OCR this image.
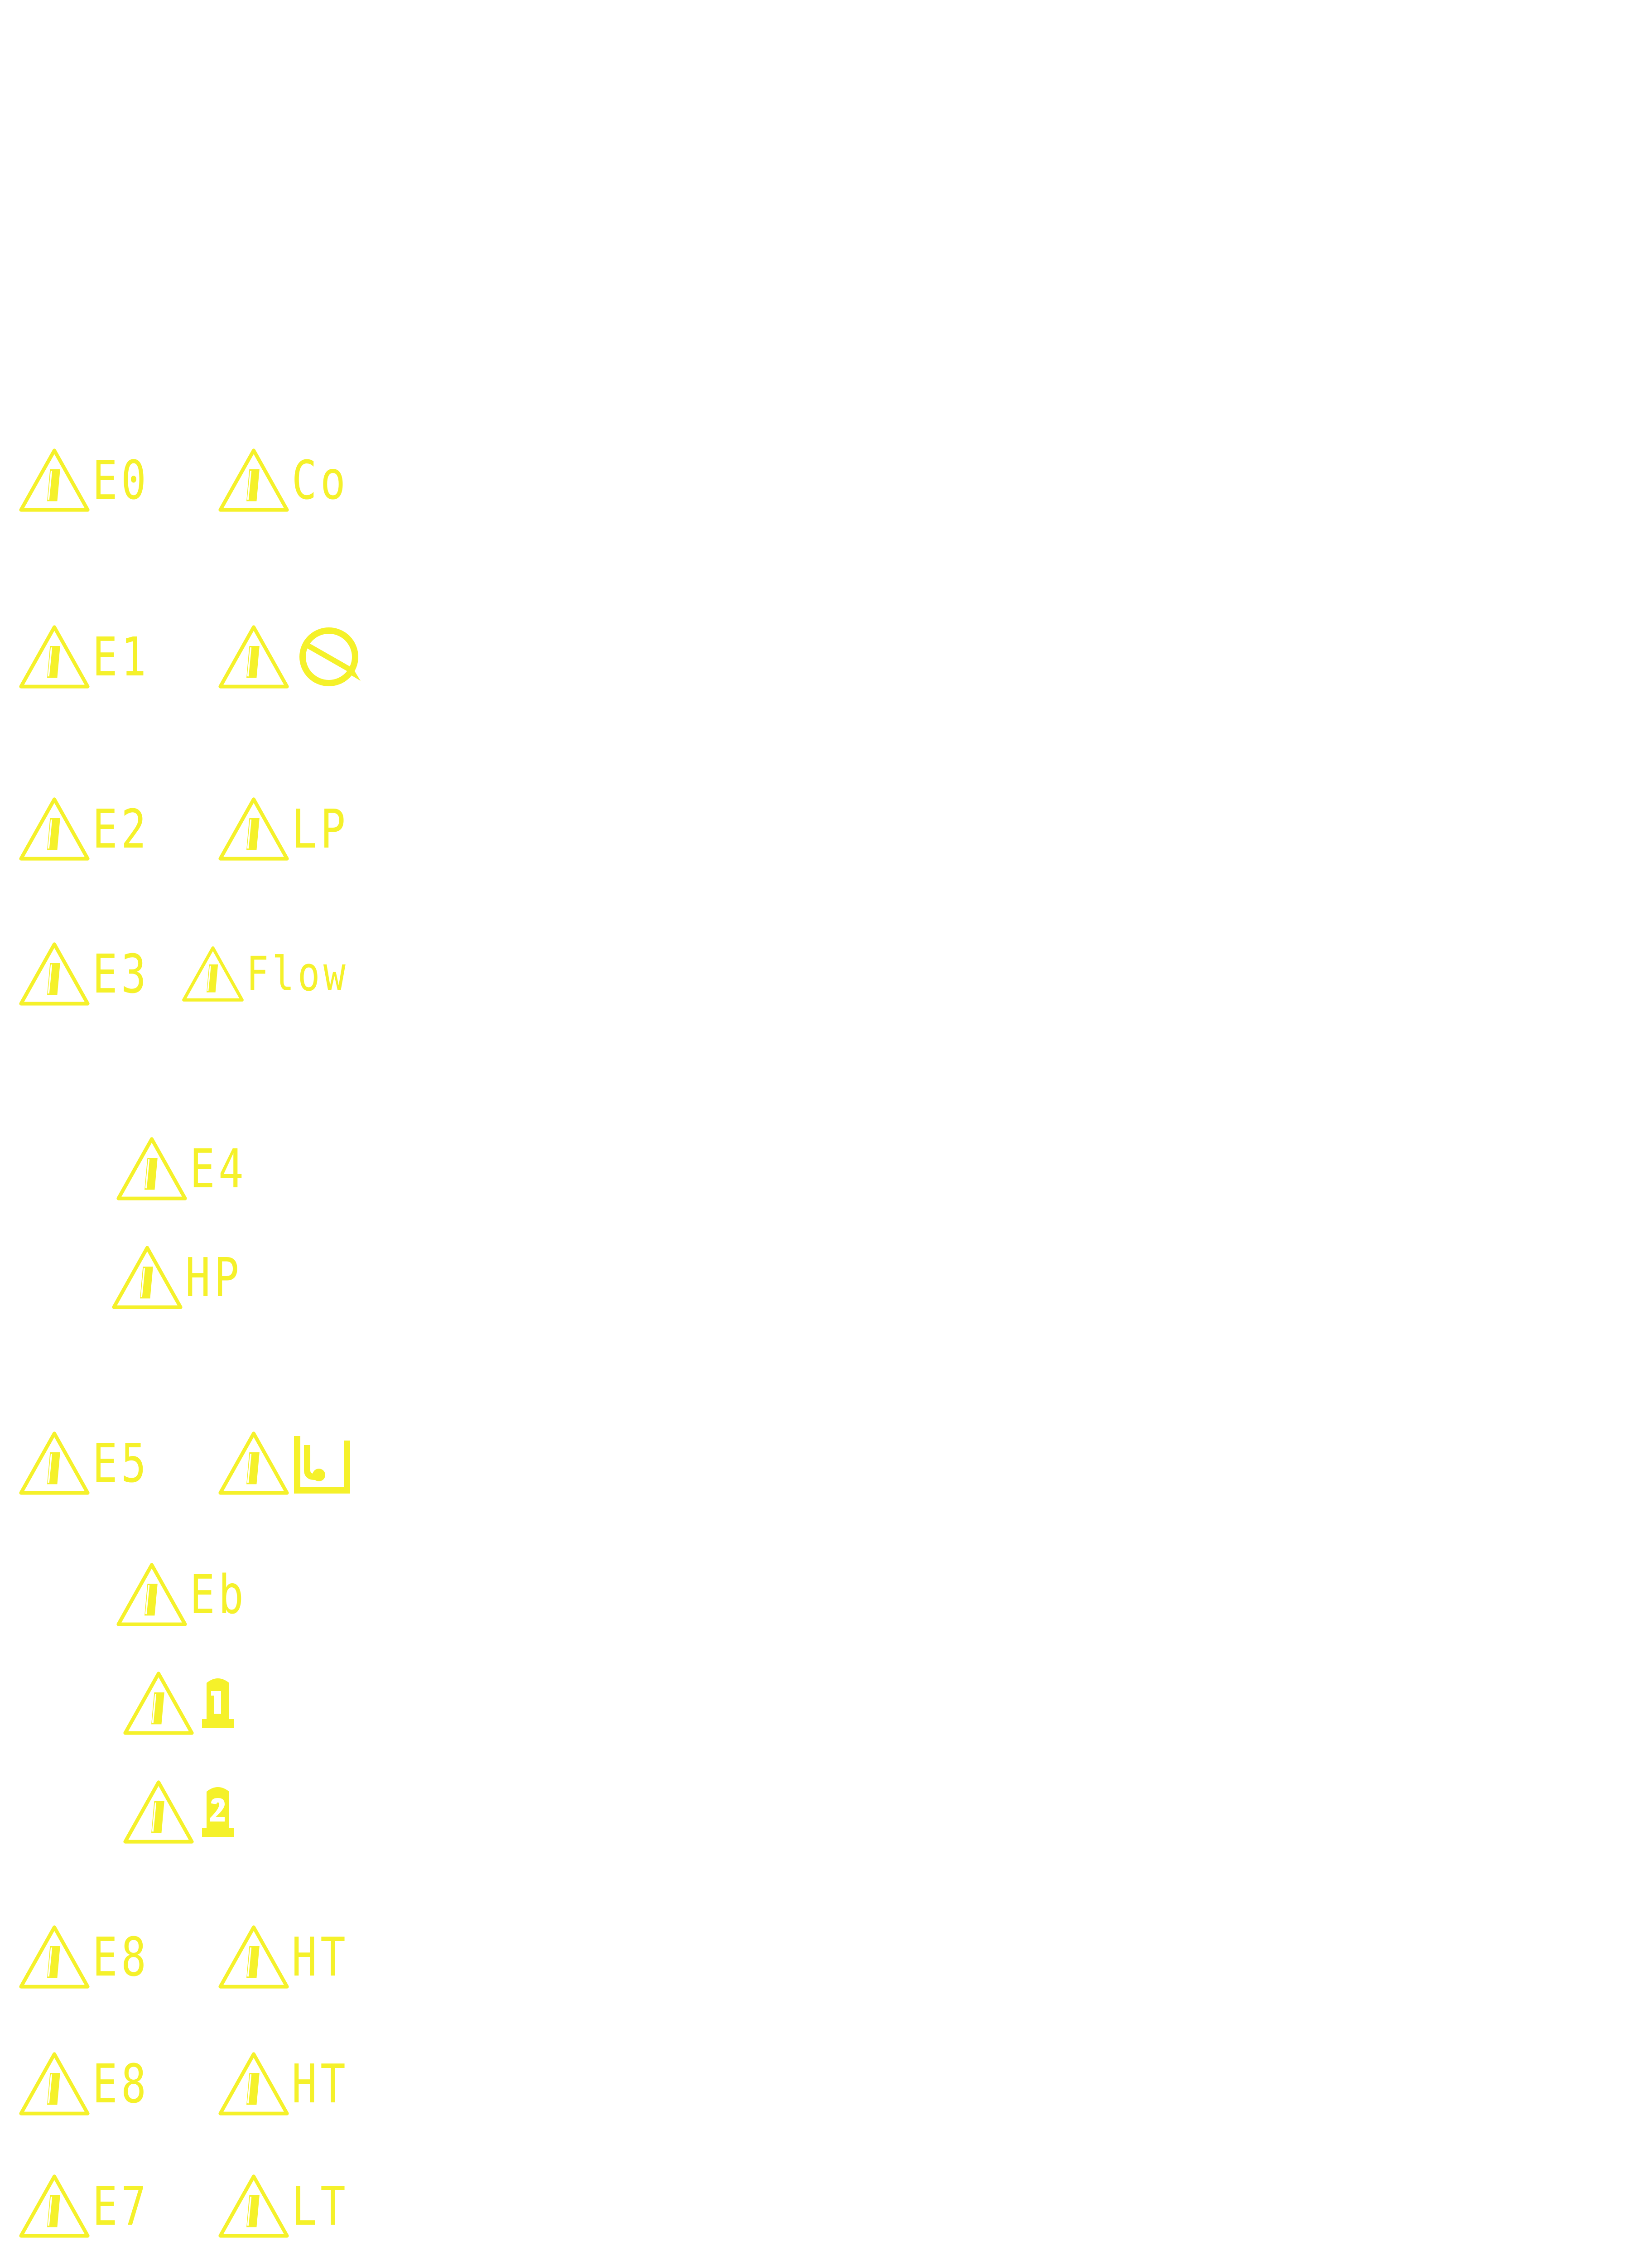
E0	Co
E1
E2	LP
E3 Flow
E4
HP
E5
Eb
E8	HT
E8	HT
E7	LT
